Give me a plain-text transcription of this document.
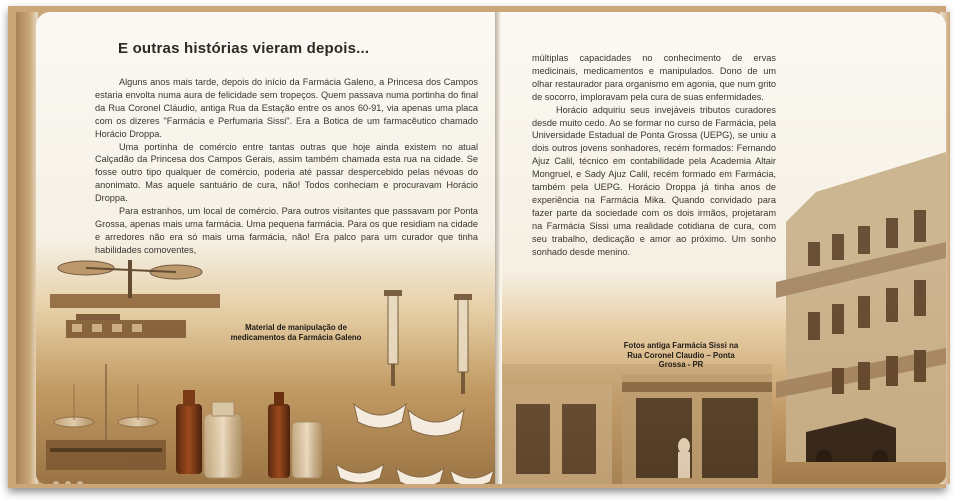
E outras histórias vieram depois...

Alguns anos mais tarde, depois do início da Farmácia Galeno, a Princesa dos Campos estaria envolta numa aura de felicidade sem tropeços. Quem passava numa portinha do final da Rua Coronel Cláudio, antiga Rua da Estação entre os anos 60-91, via apenas uma placa com os dizeres "Farmácia e Perfumaria Sissi". Era a Botica de um farmacêutico chamado Horácio Droppa.

Uma portinha de comércio entre tantas outras que hoje ainda existem no atual Calçadão da Princesa dos Campos Gerais, assim também chamada esta rua na cidade. Se fosse outro tipo qualquer de comércio, poderia até passar despercebido pelas névoas do anonimato. Mas aquele santuário de cura, não! Todos conheciam e procuravam Horácio Droppa.

Para estranhos, um local de comércio. Para outros visitantes que passavam por Ponta Grossa, apenas mais uma farmácia. Uma pequena farmácia. Para os que residiam na cidade e arredores não era só mais uma farmácia, não! Era palco para um curador que tinha habilidades comoventes,

Material de manipulação de medicamentos da Farmácia Galeno

múltiplas capacidades no conhecimento de ervas medicinais, medicamentos e manipulados. Dono de um olhar restaurador para organismo em agonia, que num grito de socorro, imploravam pela cura de suas enfermidades.

Horácio adquiriu seus invejáveis tributos curadores desde muito cedo. Ao se formar no curso de Farmácia, pela Universidade Estadual de Ponta Grossa (UEPG), se uniu a dois outros jovens sonhadores, recém formados: Fernando Ajuz Calil, técnico em contabilidade pela Academia Altair Mongruel, e Sady Ajuz Calil, recém formado em Farmácia, também pela UEPG. Horácio Droppa já tinha anos de experiência na Farmácia Mika. Quando convidado para fazer parte da sociedade com os dois irmãos, projetaram na Farmácia Sissi uma realidade cotidiana de cura, com seu trabalho, dedicação e amor ao próximo. Um sonho sonhado desde menino.

Fotos antiga Farmácia Sissi na Rua Coronel Claudio – Ponta Grossa - PR
